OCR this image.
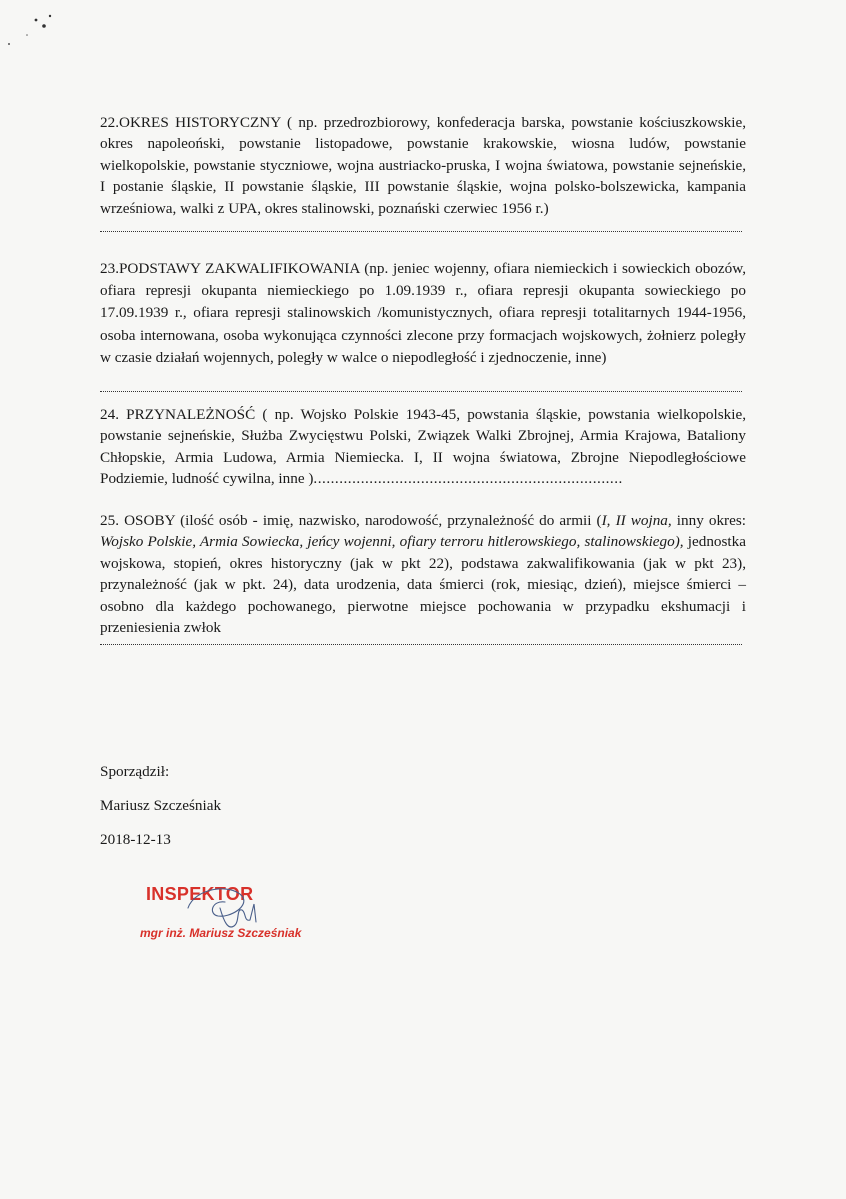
22.OKRES HISTORYCZNY ( np. przedrozbiorowy, konfederacja barska, powstanie kościuszkowskie, okres napoleoński, powstanie listopadowe, powstanie krakowskie, wiosna ludów, powstanie wielkopolskie, powstanie styczniowe, wojna austriacko-pruska, I wojna światowa, powstanie sejneńskie, I postanie śląskie, II powstanie śląskie, III powstanie śląskie, wojna polsko-bolszewicka, kampania wrześniowa, walki z UPA, okres stalinowski, poznański czerwiec 1956 r.)

23.PODSTAWY ZAKWALIFIKOWANIA (np. jeniec wojenny, ofiara niemieckich i sowieckich obozów, ofiara represji okupanta niemieckiego po 1.09.1939 r., ofiara represji okupanta sowieckiego po 17.09.1939 r., ofiara represji stalinowskich /komunistycznych, ofiara represji totalitarnych 1944-1956, osoba internowana, osoba wykonująca czynności zlecone przy formacjach wojskowych, żołnierz poległy w czasie działań wojennych, poległy w walce o niepodległość i zjednoczenie, inne)

24. PRZYNALEŻNOŚĆ ( np. Wojsko Polskie 1943-45, powstania śląskie, powstania wielkopolskie, powstanie sejneńskie, Służba Zwycięstwu Polski, Związek Walki Zbrojnej, Armia Krajowa, Bataliony Chłopskie, Armia Ludowa, Armia Niemiecka. I, II wojna światowa, Zbrojne Niepodległościowe Podziemie, ludność cywilna, inne )........................................................................

25. OSOBY (ilość osób - imię, nazwisko, narodowość, przynależność do armii (I, II wojna, inny okres: Wojsko Polskie, Armia Sowiecka, jeńcy wojenni, ofiary terroru hitlerowskiego, stalinowskiego), jednostka wojskowa, stopień, okres historyczny (jak w pkt 22), podstawa zakwalifikowania (jak w pkt 23), przynależność (jak w pkt. 24), data urodzenia, data śmierci (rok, miesiąc, dzień), miejsce śmierci – osobno dla każdego pochowanego, pierwotne miejsce pochowania w przypadku ekshumacji i przeniesienia zwłok

Sporządził:
Mariusz Szcześniak
2018-12-13
INSPEKTOR
mgr inż. Mariusz Szcześniak
